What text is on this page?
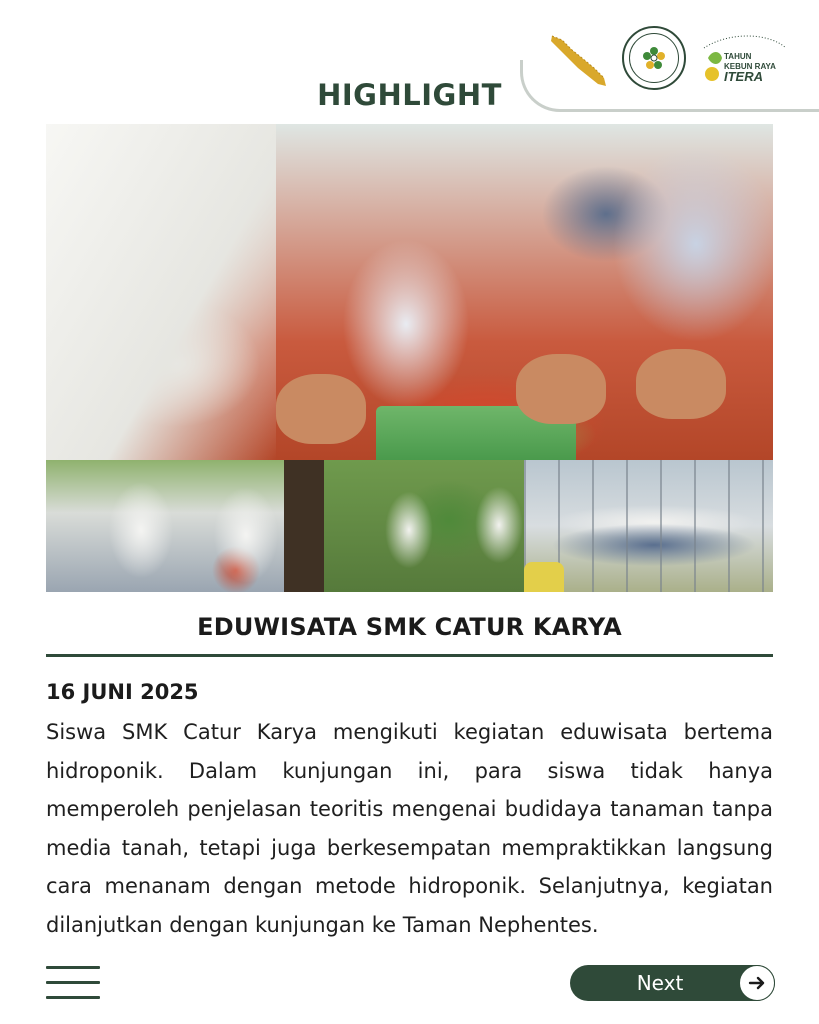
TAHUN
KEBUN RAYA
ITERA
HIGHLIGHT
EDUWISATA SMK CATUR KARYA
16 JUNI 2025

Siswa SMK Catur Karya mengikuti kegiatan eduwisata bertema hidroponik. Dalam kunjungan ini, para siswa tidak hanya memperoleh penjelasan teoritis mengenai budidaya tanaman tanpa media tanah, tetapi juga berkesempatan mempraktikkan langsung cara menanam dengan metode hidroponik. Selanjutnya, kegiatan dilanjutkan dengan kunjungan ke Taman Nephentes.

Next
